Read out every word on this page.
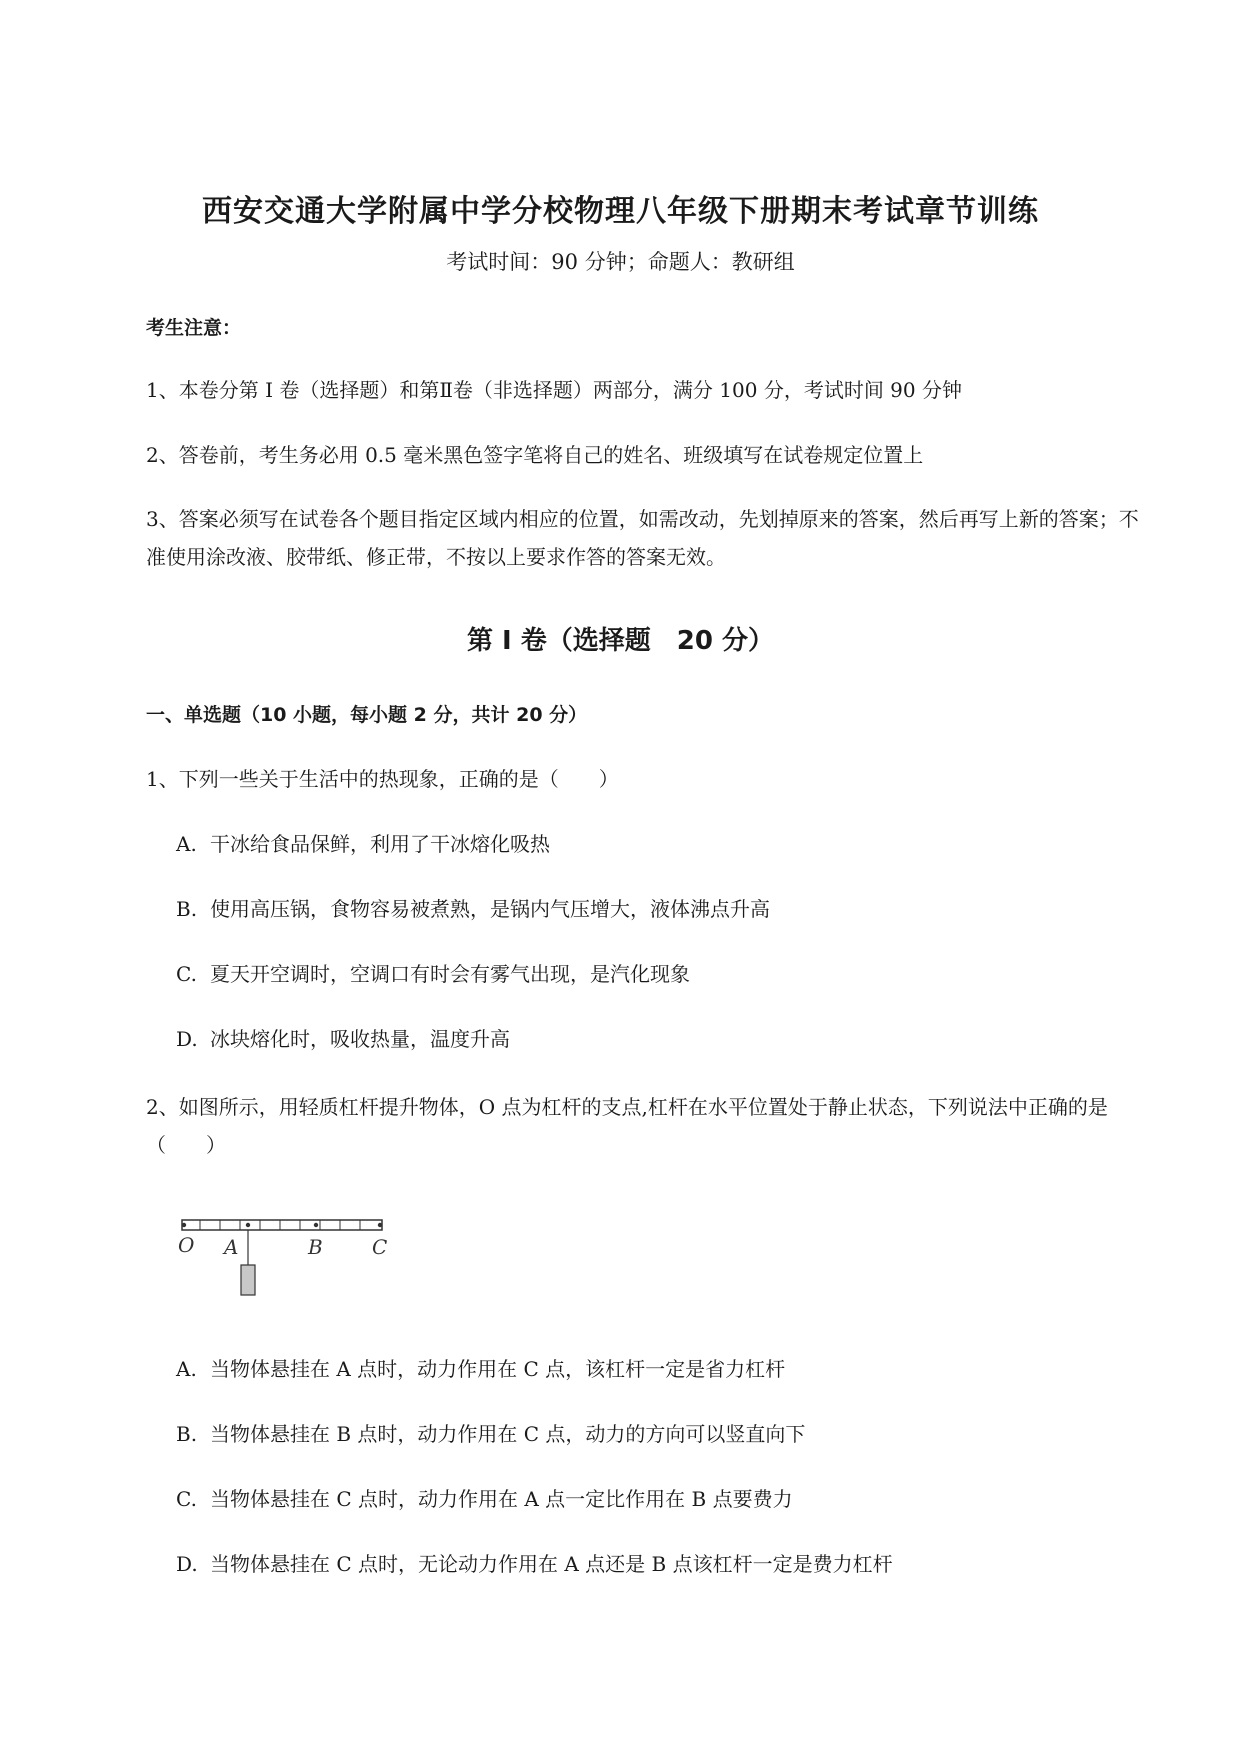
西安交通大学附属中学分校物理八年级下册期末考试章节训练
考试时间：90 分钟；命题人：教研组
考生注意：
1、本卷分第 I 卷（选择题）和第Ⅱ卷（非选择题）两部分，满分 100 分，考试时间 90 分钟
2、答卷前，考生务必用 0.5 毫米黑色签字笔将自己的姓名、班级填写在试卷规定位置上
3、答案必须写在试卷各个题目指定区域内相应的位置，如需改动，先划掉原来的答案，然后再写上新的答案；不准使用涂改液、胶带纸、修正带，不按以上要求作答的答案无效。
第 I 卷（选择题　20 分）
一、单选题（10 小题，每小题 2 分，共计 20 分）
1、下列一些关于生活中的热现象，正确的是（　　）
A. 干冰给食品保鲜，利用了干冰熔化吸热
B. 使用高压锅，食物容易被煮熟，是锅内气压增大，液体沸点升高
C. 夏天开空调时，空调口有时会有雾气出现，是汽化现象
D. 冰块熔化时，吸收热量，温度升高
2、如图所示，用轻质杠杆提升物体，O 点为杠杆的支点,杠杆在水平位置处于静止状态，下列说法中正确的是（　　）
O A	B C
A. 当物体悬挂在 A 点时，动力作用在 C 点，该杠杆一定是省力杠杆
B. 当物体悬挂在 B 点时，动力作用在 C 点，动力的方向可以竖直向下
C. 当物体悬挂在 C 点时，动力作用在 A 点一定比作用在 B 点要费力
D. 当物体悬挂在 C 点时，无论动力作用在 A 点还是 B 点该杠杆一定是费力杠杆
